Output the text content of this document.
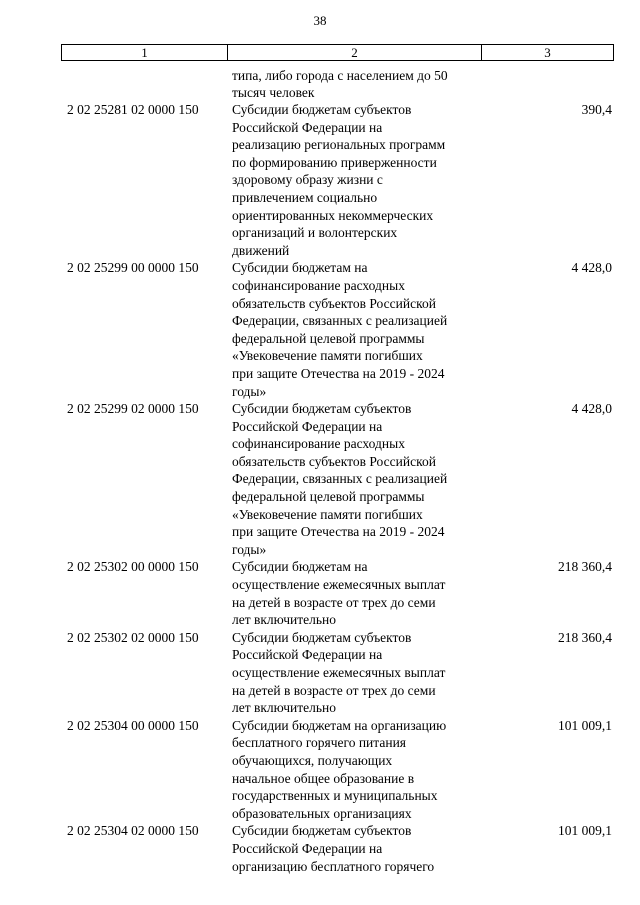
38
1	2	3
типа, либо города с населением до 50
тысяч человек
2 02 25281 02 0000 150	Субсидии бюджетам субъектов
Российской Федерации на
реализацию региональных программ
по формированию приверженности
здоровому образу жизни с
привлечением социально
ориентированных некоммерческих
организаций и волонтерских
движений
390,4
2 02 25299 00 0000 150	Субсидии бюджетам на
софинансирование расходных
обязательств субъектов Российской
Федерации, связанных с реализацией
федеральной целевой программы
«Увековечение памяти погибших
при защите Отечества на 2019 - 2024
годы»
4 428,0
2 02 25299 02 0000 150	Субсидии бюджетам субъектов
Российской Федерации на
софинансирование расходных
обязательств субъектов Российской
Федерации, связанных с реализацией
федеральной целевой программы
«Увековечение памяти погибших
при защите Отечества на 2019 - 2024
годы»
4 428,0
2 02 25302 00 0000 150	Субсидии бюджетам на
осуществление ежемесячных выплат
на детей в возрасте от трех до семи
лет включительно
218 360,4
2 02 25302 02 0000 150	Субсидии бюджетам субъектов
Российской Федерации на
осуществление ежемесячных выплат
на детей в возрасте от трех до семи
лет включительно
218 360,4
2 02 25304 00 0000 150	Субсидии бюджетам на организацию
бесплатного горячего питания
обучающихся, получающих
начальное общее образование в
государственных и муниципальных
образовательных организациях
101 009,1
2 02 25304 02 0000 150	Субсидии бюджетам субъектов
Российской Федерации на
организацию бесплатного горячего
101 009,1
